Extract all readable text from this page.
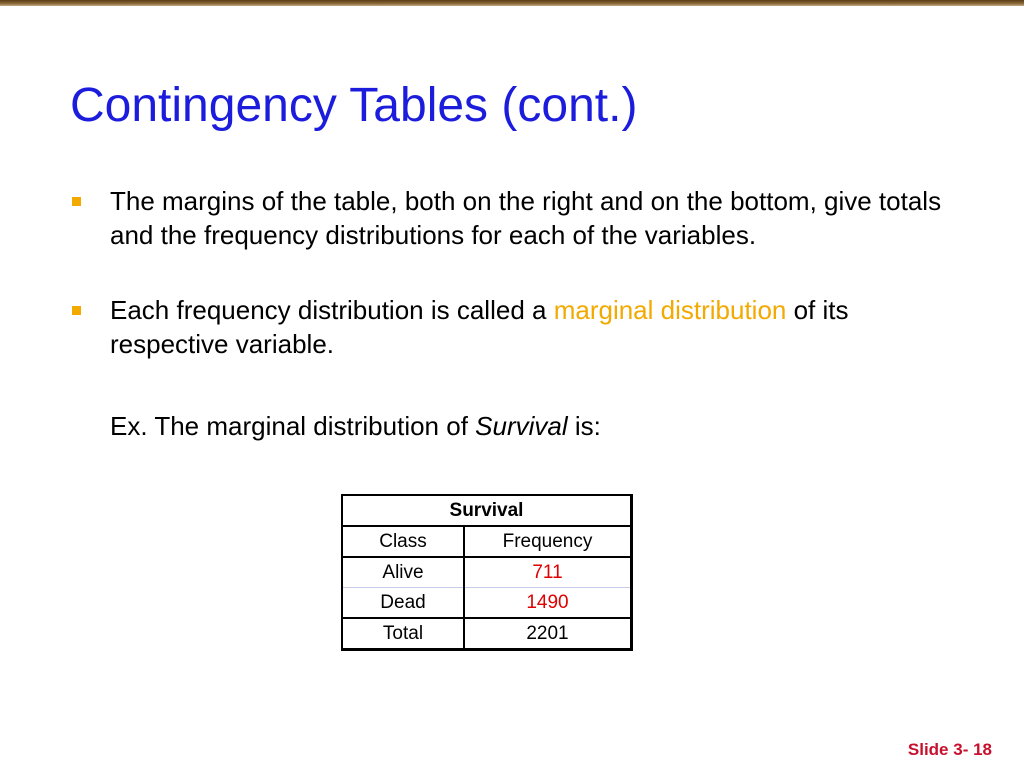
Contingency Tables (cont.)
The margins of the table, both on the right and on the bottom, give totals and the frequency distributions for each of the variables.
Each frequency distribution is called a marginal distribution of its respective variable.
Ex. The marginal distribution of Survival is:
Survival	
Class	Frequency
Alive	711
Dead	1490
Total	2201
Slide 3- 18
